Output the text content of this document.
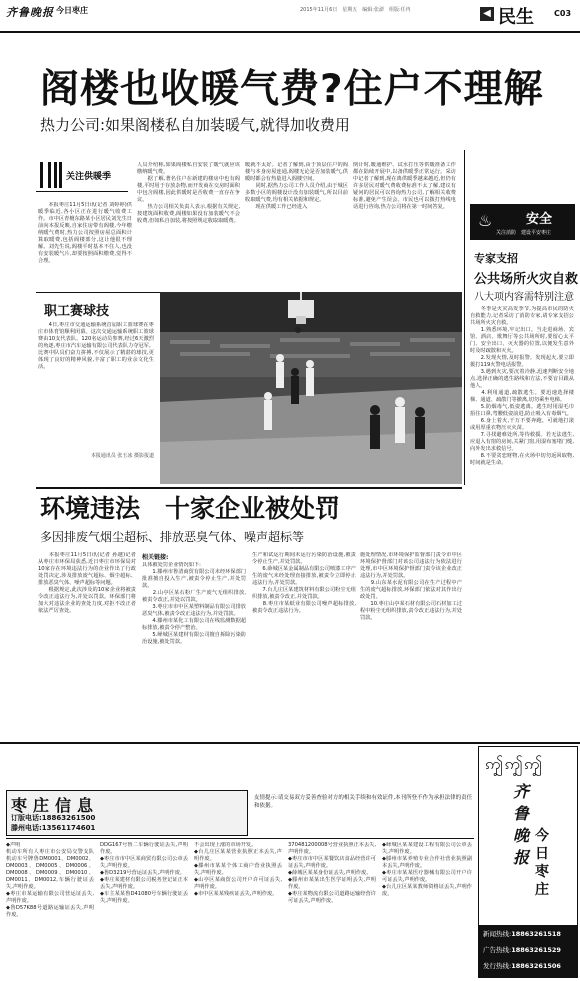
齐鲁晚报 今日枣庄	2015年11月6日　星期五　编辑:张澎　组版:任冉	◀ 民生	C03
阁楼也收暖气费?住户不理解
热力公司:如果阁楼私自加装暖气,就得加收费用
关注供暖季
　　本报枣庄11月5日讯(记者 刘婷婷)供暖季临近,各小区正在进行暖气收费工作。市中区青檀东路某小区居民刘先生日前向本报反映,自家住房带有阁楼,今年缴纳暖气费时,热力公司按照房屋总面积计算取暖费,包括阁楼部分,这让他很不理解。刘先生说,阁楼平时基本不住人,也没有安装暖气片,却要按照面积缴费,觉得不合理。
人员介绍称,如果阁楼私自安装了暖气就应该缴纳暖气费。
　　据了解,著名住户在新建的楼房中也有阁楼,平时用于存放杂物,而开发商在交房时面积中包含阁楼,因此供暖时是否收费一直存在争议。
　　热力公司相关负责人表示,根据有关规定,按建筑面积收费,阁楼如果没有加装暖气不会收费,但如私自加装,将按照规定收取取暖费。
暖就不太好。记者了解到,由于顶层住户的阁楼与本身房屋连通,阁楼无论是否加装暖气,供暖时都会有热量进入阁楼空间。
　　同时,据热力公司工作人员介绍,由于城区多数小区的阁楼设计没有加装暖气,所以目前收取暖气费,均有相关依据和规定。
　　现在供暖工作已经进入
倒计时,暖通维护、试水打压等供暖准备工作都在陆续开展中,以备供暖季正常运行。采访中记者了解到,现在离供暖季越来越近,但仍有许多居民对暖气费收费标准不太了解,建议有疑问的居民可以咨询热力公司,了解相关收费标准,避免产生误会。市民也可以拨打热线电话进行咨询,热力公司将在第一时间答复。
♨	安全
关注消防　建设平安枣庄
专家支招
公共场所火灾自救
八大项内容需特别注意
　　冬季是火灾高发季节,为提高市民的防火自救能力,记者采访了消防专家,请专家支招公共场所火灾自救。
　　1.熟悉环境,牢记出口。当走进商场、宾馆、酒店、歌舞厅等公共场所时,要留心太平门、安全出口、灭火器的位置,以便发生意外时及时疏散和灭火。
　　2.发现火情,及时报警。发现起火,要立即拨打119火警电话报警。
　　3.遇到火灾,要沉着冷静,迅速判断安全地点,选择正确的逃生路线和方法,不要盲目跟从他人。
　　4.利用通道,疏散逃生。要迅速选择楼梯、通道、疏散门等撤离,切勿乘坐电梯。
　　5.防烟毒气,低姿逃离。逃生时用湿毛巾捂住口鼻,弯腰低姿前进,防止吸入有毒烟气。
　　6.身上着火,千万不要奔跑。可就地打滚或用厚重衣物压灭火苗。
　　7.寻找避难处所,等待救援。若无法逃生,应退入有窗的房间,关紧门窗,用湿布塞堵门缝,向外发出求救信号。
　　8.不要贪恋财物,在火场中切勿返回取物,时间就是生命。
职工赛球技
　　4日,枣庄市交通运输系统首届职工篮球赛在枣庄市体育馆顺利闭幕。这次交通运输系统职工篮球赛由10支代表队、120名运动员参赛,经过6天激烈的角逐,枣庄市汽车运输有限公司代表队力夺冠军。比赛中队员们奋力拼搏,不仅展示了精湛的球技,更体现了良好的精神风貌,丰富了职工的业余文化生活。
本报通讯员 张玉冰 摄影报道
环境违法　十家企业被处罚
多因排废气烟尘超标、排放恶臭气体、噪声超标等
　　本报枣庄11月5日讯(记者 孙越)记者从枣庄市环保局获悉,近日枣庄市环保局对10家存在环境违法行为的企业作出了行政处罚决定,涉及排放废气超标、烟尘超标、排放恶臭气体、噪声超标等问题。
　　根据规定,此次涉及的10家企业将被责令改正违法行为,并处以罚款。环保部门将加大对违法企业的查处力度,对拒不改正者依法严厉查处。
相关链接:
具体被处罚企业情况如下:
　　1.滕州市鲁清商贸有限公司未经环保部门批准擅自投入生产,被责令停止生产,并处罚款。
　　2.山亭区某石粉厂生产废气无组织排放,被责令改正,并处以罚款。
　　3.枣庄市市中区某塑料制品有限公司排放恶臭气体,被责令改正违法行为,并处罚款。
　　4.滕州市某化工有限公司在线监测数据超标排放,被责令停产整治。
　　5.峄城区某建材有限公司擅自拆除污染防治设施,被处罚款。
生产和试运行期间未运行污染防治设施,被责令停止生产,并处罚款。
　　6.薛城区某金属制品有限公司喷漆工序产生的废气未经处理直接排放,被责令立即停止违法行为,并处罚款。
　　7.台儿庄区某建筑材料有限公司粉尘无组织排放,被责令改正,并处罚款。
　　8.枣庄市某纸业有限公司噪声超标排放,被责令改正违法行为。
施处理情况,市环境保护监督部门责令市中区环境保护督部门对该公司违法行为依法进行处理,市中区环境保护督部门责令该企业改正违法行为,并处罚款。
　　9.山东某水泥有限公司在生产过程中产生的废气超标排放,环保部门依法对其作出行政处罚。
　　10.枣庄山亭某石材有限公司石材加工过程中粉尘无组织排放,责令改正违法行为,并处罚款。
枣庄信息
订版电话:18863261500
滕州电话:13561174601
友情提示:请交易双方妥善查验对方的相关手续和有效证件,本刊所登不作为承担法律的责任和依据。
◆声明
机动车所有人枣庄市公安局交警支队机动车号牌鲁DM0001、DM0002、DM0003、DM0005、DM0006、DM0008、DM0009、DM0010、DM0011、DM0012,车辆行驶证丢失,声明作废。
◆枣庄市某运输有限公司营运证丢失,声明作废。
◆鲁D57K88号道路运输证丢失,声明作废。
DDG167号鲁二车辆行驶证丢失,声明作废。
◆枣庄市市中区某商贸有限公司公章丢失,声明作废。
◆鲁D3219号营运证丢失,声明作废。
◆枣庄某建材有限公司税务登记证正本丢失,声明作废。
◆车主某某鲁D41080号车辆行驶证丢失,声明作废。
不会出现上涨的市场开发。
◆台儿庄区某某营业执照正本丢失,声明作废。
◆滕州市某某个体工商户营业执照丢失,声明作废。
◆山亭区某商贸公司开户许可证丢失,声明作废。
◆市中区某某残疾证丢失,声明作废。
370481200008号营业执照正本丢失,声明作废。
◆枣庄市市中区某餐饮店食品经营许可证丢失,声明作废。
◆薛城区某某身份证丢失,声明作废。
◆滕州市某某出生医学证明丢失,声明作废。
◆枣庄某物流有限公司道路运输经营许可证丢失,声明作废。
◆峄城区某某建设工程有限公司公章丢失,声明作废。
◆滕州市某养殖专业合作社营业执照副本丢失,声明作废。
◆枣庄市某某医疗器械有限公司开户许可证丢失,声明作废。
◆台儿庄区某某教师资格证丢失,声明作废。
ꩵꩵꩵ
齐鲁晚报
今日枣庄
新闻热线:18863261518
广告热线:18863261529
发行热线:18863261506
